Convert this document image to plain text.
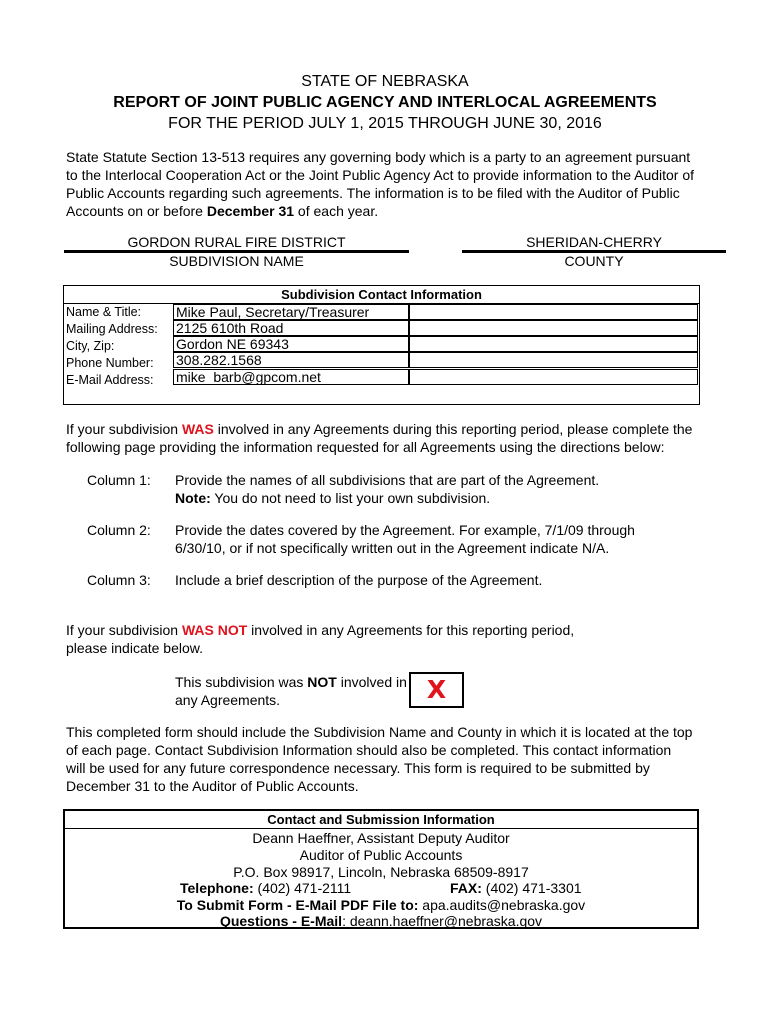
STATE OF NEBRASKA
REPORT OF JOINT PUBLIC AGENCY AND INTERLOCAL AGREEMENTS
FOR THE PERIOD JULY 1, 2015 THROUGH JUNE 30, 2016
State Statute Section 13-513 requires any governing body which is a party to an agreement pursuant
to the Interlocal Cooperation Act or the Joint Public Agency Act to provide information to the Auditor of
Public Accounts regarding such agreements. The information is to be filed with the Auditor of Public
Accounts on or before December 31 of each year.
GORDON RURAL FIRE DISTRICT
SUBDIVISION NAME
SHERIDAN-CHERRY
COUNTY
Subdivision Contact Information
Name & Title:
Mailing Address:
City, Zip:
Phone Number:
E-Mail Address:
Mike Paul, Secretary/Treasurer
2125 610th Road
Gordon NE 69343
308.282.1568
mike_barb@gpcom.net
If your subdivision WAS involved in any Agreements during this reporting period, please complete the
following page providing the information requested for all Agreements using the directions below:
Column 1: Provide the names of all subdivisions that are part of the Agreement.
Note: You do not need to list your own subdivision.
Column 2: Provide the dates covered by the Agreement. For example, 7/1/09 through
6/30/10, or if not specifically written out in the Agreement indicate N/A.
Column 3: Include a brief description of the purpose of the Agreement.
If your subdivision WAS NOT involved in any Agreements for this reporting period,
please indicate below.
This subdivision was NOT involved in
any Agreements.	X
This completed form should include the Subdivision Name and County in which it is located at the top
of each page. Contact Subdivision Information should also be completed. This contact information
will be used for any future correspondence necessary. This form is required to be submitted by
December 31 to the Auditor of Public Accounts.
Contact and Submission Information
Deann Haeffner, Assistant Deputy Auditor
Auditor of Public Accounts
P.O. Box 98917, Lincoln, Nebraska 68509-8917
Telephone: (402) 471-2111	FAX: (402) 471-3301
To Submit Form - E-Mail PDF File to: apa.audits@nebraska.gov
Questions - E-Mail: deann.haeffner@nebraska.gov
